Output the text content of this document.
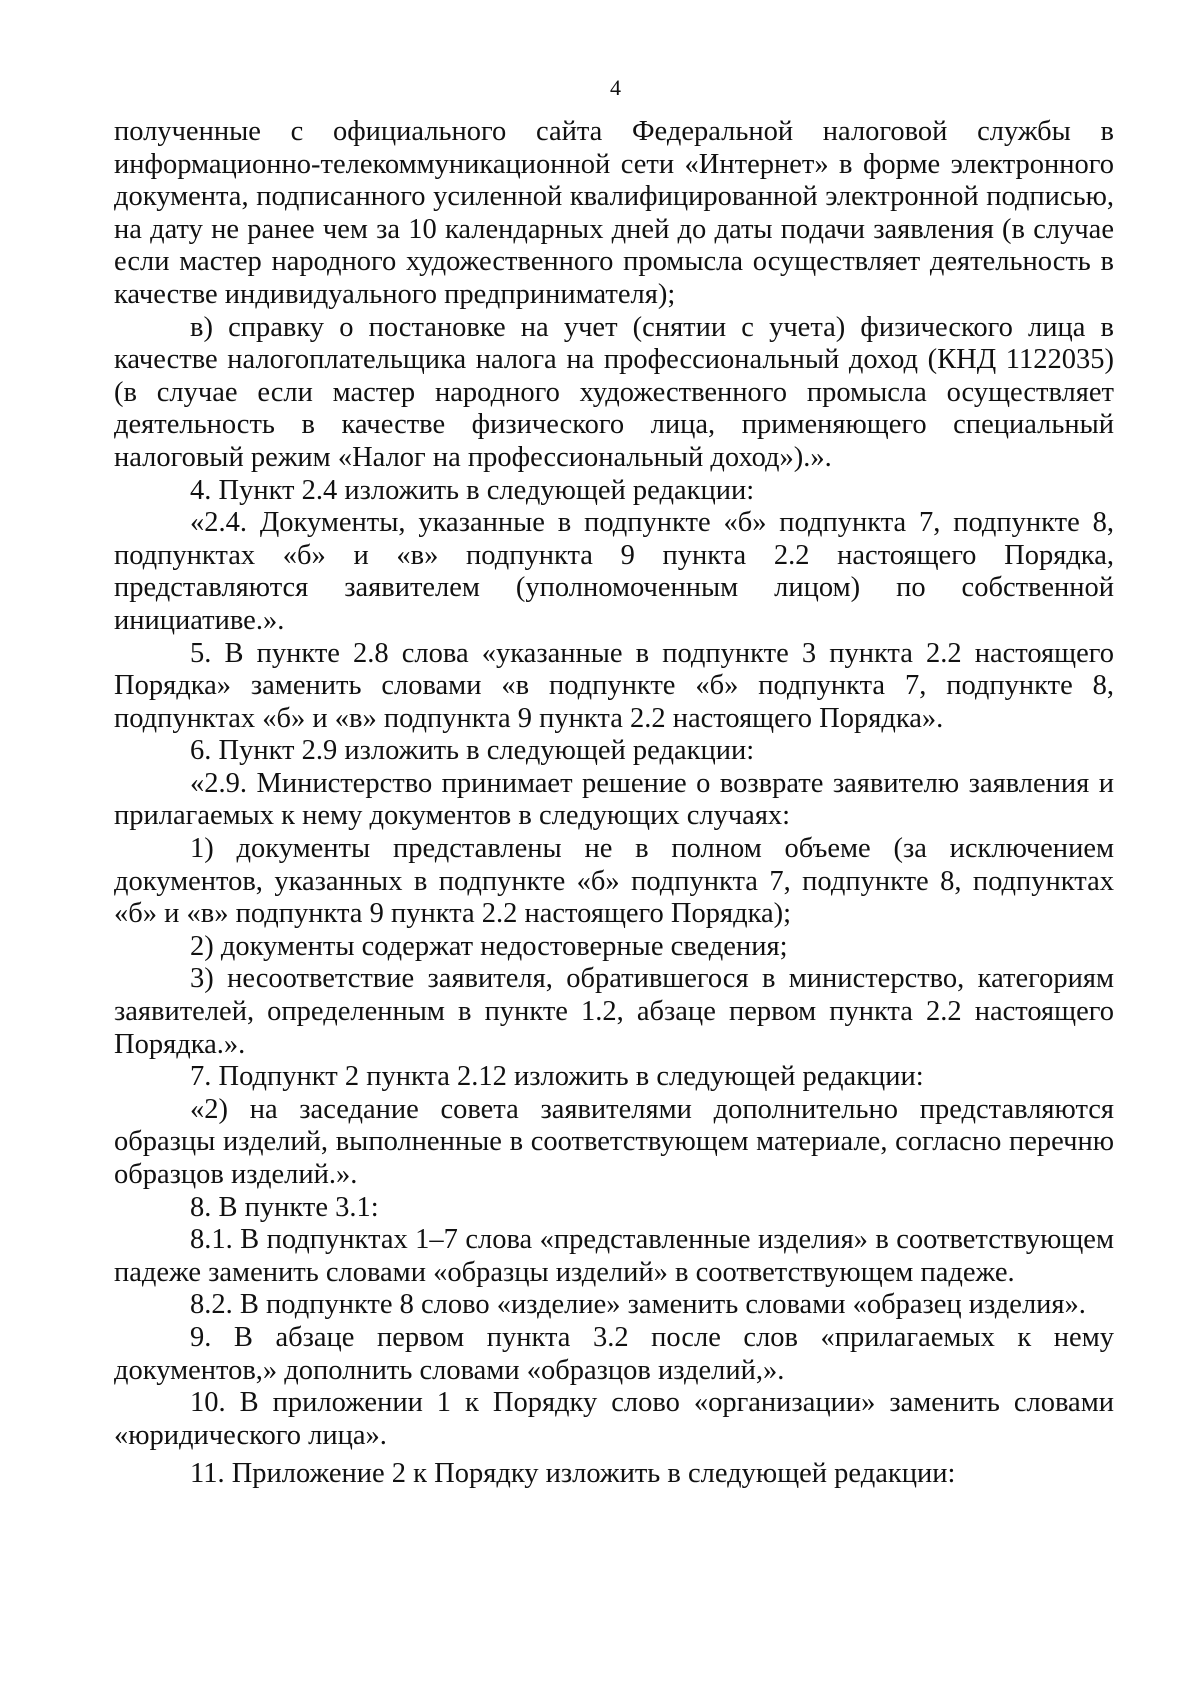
4

полученные с официального сайта Федеральной налоговой службы в информационно-телекоммуникационной сети «Интернет» в форме электронного документа, подписанного усиленной квалифицированной электронной подписью, на дату не ранее чем за 10 календарных дней до даты подачи заявления (в случае если мастер народного художественного промысла осуществляет деятельность в качестве индивидуального предпринимателя);

в) справку о постановке на учет (снятии с учета) физического лица в качестве налогоплательщика налога на профессиональный доход (КНД 1122035) (в случае если мастер народного художественного промысла осуществляет деятельность в качестве физического лица, применяющего специальный налоговый режим «Налог на профессиональный доход»).».

4. Пункт 2.4 изложить в следующей редакции:

«2.4. Документы, указанные в подпункте «б» подпункта 7, подпункте 8, подпунктах «б» и «в» подпункта 9 пункта 2.2 настоящего Порядка, представляются заявителем (уполномоченным лицом) по собственной инициативе.».

5. В пункте 2.8 слова «указанные в подпункте 3 пункта 2.2 настоящего Порядка» заменить словами «в подпункте «б» подпункта 7, подпункте 8, подпунктах «б» и «в» подпункта 9 пункта 2.2 настоящего Порядка».

6. Пункт 2.9 изложить в следующей редакции:

«2.9. Министерство принимает решение о возврате заявителю заявления и прилагаемых к нему документов в следующих случаях:

1) документы представлены не в полном объеме (за исключением документов, указанных в подпункте «б» подпункта 7, подпункте 8, подпунктах «б» и «в» подпункта 9 пункта 2.2 настоящего Порядка);

2) документы содержат недостоверные сведения;

3) несоответствие заявителя, обратившегося в министерство, категориям заявителей, определенным в пункте 1.2, абзаце первом пункта 2.2 настоящего Порядка.».

7. Подпункт 2 пункта 2.12 изложить в следующей редакции:

«2) на заседание совета заявителями дополнительно представляются образцы изделий, выполненные в соответствующем материале, согласно перечню образцов изделий.».

8. В пункте 3.1:

8.1. В подпунктах 1–7 слова «представленные изделия» в соответствующем падеже заменить словами «образцы изделий» в соответствующем падеже.

8.2. В подпункте 8 слово «изделие» заменить словами «образец изделия».

9. В абзаце первом пункта 3.2 после слов «прилагаемых к нему документов,» дополнить словами «образцов изделий,».

10. В приложении 1 к Порядку слово «организации» заменить словами «юридического лица».

11. Приложение 2 к Порядку изложить в следующей редакции:
